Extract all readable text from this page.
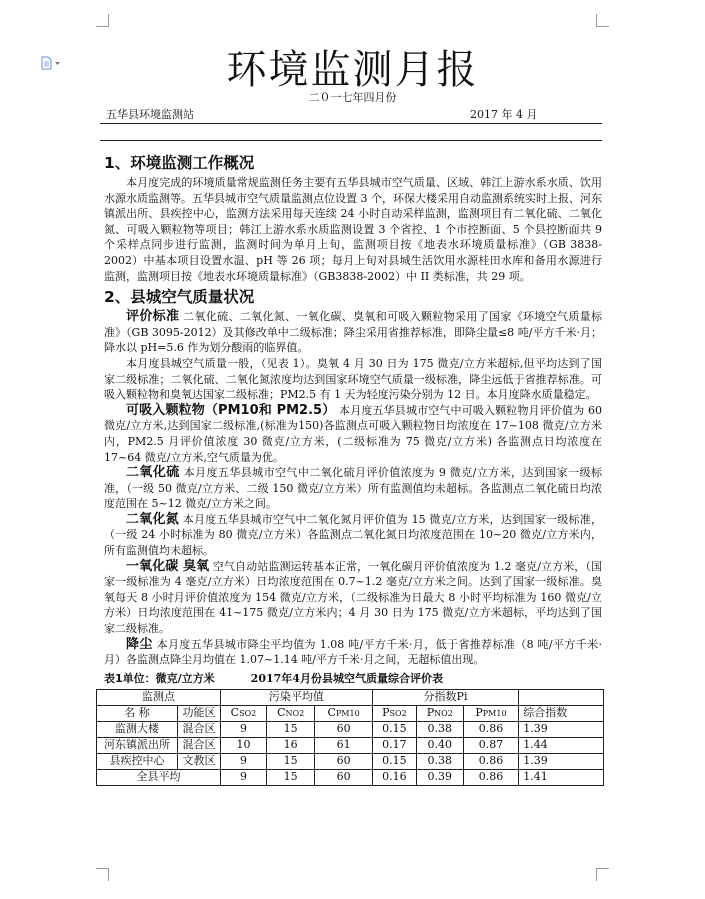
环境监测月报
二０一七年四月份
五华县环境监测站	2017 年 4 月
1、环境监测工作概况

本月度完成的环境质量常规监测任务主要有五华县城市空气质量、区域、韩江上游水系水质、饮用水源水质监测等。五华县城市空气质量监测点位设置 3 个，环保大楼采用自动监测系统实时上报、河东镇派出所、县疾控中心，监测方法采用每天连续 24 小时自动采样监测，监测项目有二氧化硫、二氧化氮、可吸入颗粒物等项目；韩江上游水系水质监测设置 3 个省控、1 个市控断面、5 个县控断面共 9 个采样点同步进行监测，监测时间为单月上旬，监测项目按《地表水环境质量标准》（GB 3838-2002）中基本项目设置水温、pH 等 26 项；每月上旬对县城生活饮用水源桂田水库和备用水源进行监测，监测项目按《地表水环境质量标准》（GB3838-2002）中 II 类标准，共 29 项。

2、县城空气质量状况

评价标准 二氧化硫、二氧化氮、一氧化碳、臭氧和可吸入颗粒物采用了国家《环境空气质量标准》（GB 3095-2012）及其修改单中二级标准；降尘采用省推荐标准，即降尘量≤8 吨/平方千米·月；降水以 pH=5.6 作为划分酸雨的临界值。

本月度县城空气质量一般，（见表 1）。臭氧 4 月 30 日为 175 微克/立方米超标,但平均达到了国家二级标准；二氧化硫、二氧化氮浓度均达到国家环境空气质量一级标准，降尘远低于省推荐标准。可吸入颗粒物和臭氧达国家二级标准；PM2.5 有 1 天为轻度污染分别为 12 日。本月度降水质量稳定。

可吸入颗粒物（PM10和 PM2.5） 本月度五华县城市空气中可吸入颗粒物月评价值为 60 微克/立方米,达到国家二级标准,(标准为150)各监测点可吸入颗粒物日均浓度在 17~108 微克/立方米内，PM2.5 月评价值浓度 30 微克/立方米，(二级标准为 75 微克/立方米) 各监测点日均浓度在 17~64 微克/立方米,空气质量为优。

二氧化硫 本月度五华县城市空气中二氧化硫月评价值浓度为 9 微克/立方米，达到国家一级标准，（一级 50 微克/立方米、二级 150 微克/立方米）所有监测值均未超标。各监测点二氧化硫日均浓度范围在 5~12 微克/立方米之间。

二氧化氮 本月度五华县城市空气中二氧化氮月评价值为 15 微克/立方米，达到国家一级标准，（一级 24 小时标准为 80 微克/立方米）各监测点二氧化氮日均浓度范围在 10~20 微克/立方米内，所有监测值均未超标。

一氧化碳 臭氧 空气自动站监测运转基本正常，一氧化碳月评价值浓度为 1.2 毫克/立方米，（国家一级标准为 4 毫克/立方米）日均浓度范围在 0.7~1.2 毫克/立方米之间。达到了国家一级标准。臭氧每天 8 小时月评价值浓度为 154 微克/立方米，（二级标准为日最大 8 小时平均标准为 160 微克/立方米）日均浓度范围在 41~175 微克/立方米内；4 月 30 日为 175 微克/立方米超标，平均达到了国家二级标准。

降尘 本月度五华县城市降尘平均值为 1.08 吨/平方千米·月，低于省推荐标准（8 吨/平方千米·月）各监测点降尘月均值在 1.07~1.14 吨/平方千米·月之间，无超标值出现。

表1单位：微克/立方米	2017年4月份县城空气质量综合评价表
监测点		污染平均值			分指数Pi			
名 称	功能区	CSO2	CNO2	CPM10	PSO2	PNO2	PPM10	综合指数
监测大楼	混合区	9	15	60	0.15	0.38	0.86	1.39
河东镇派出所	混合区	10	16	61	0.17	0.40	0.87	1.44
县疾控中心	文教区	9	15	60	0.15	0.38	0.86	1.39
全县平均		9	15	60	0.16	0.39	0.86	1.41
